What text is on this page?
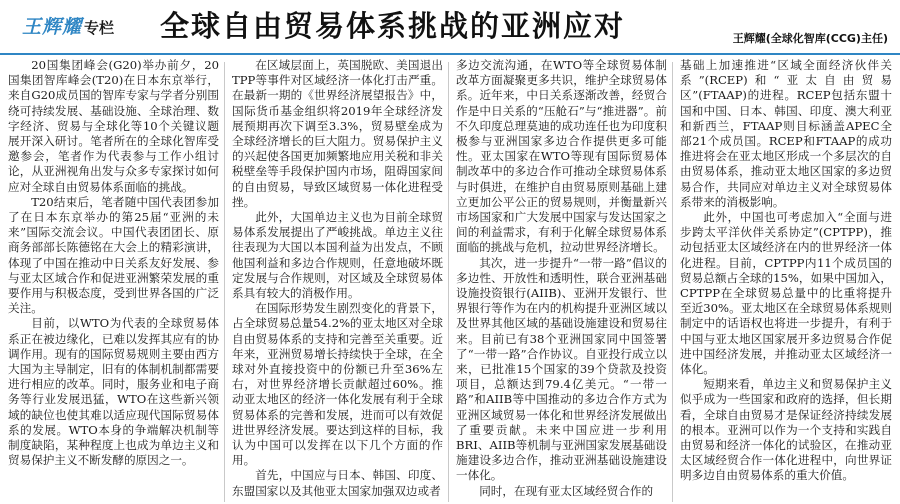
王辉耀 专栏 全球自由贸易体系挑战的亚洲应对	王辉耀(全球化智库(CCG)主任)

20国集团峰会(G20)举办前夕，20国集团智库峰会(T20)在日本东京举行，来自G20成员国的智库专家与学者分别围绕可持续发展、基础设施、全球治理、数字经济、贸易与全球化等10个关键议题展开深入研讨。笔者所在的全球化智库受邀参会，笔者作为代表参与工作小组讨论，从亚洲视角出发与众多专家探讨如何应对全球自由贸易体系面临的挑战。

T20结束后，笔者随中国代表团参加了在日本东京举办的第25届“亚洲的未来”国际交流会议。中国代表团团长、原商务部部长陈德铭在大会上的精彩演讲，体现了中国在推动中日关系友好发展、参与亚太区域合作和促进亚洲繁荣发展的重要作用与积极态度，受到世界各国的广泛关注。

目前，以WTO为代表的全球贸易体系正在被边缘化，已难以发挥其应有的协调作用。现有的国际贸易规则主要由西方大国为主导制定，旧有的体制机制都需要进行相应的改革。同时，服务业和电子商务等行业发展迅猛，WTO在这些新兴领域的缺位也使其难以适应现代国际贸易体系的发展。WTO本身的争端解决机制等制度缺陷，某种程度上也成为单边主义和贸易保护主义不断发酵的原因之一。

在区域层面上，英国脱欧、美国退出TPP等事件对区域经济一体化打击严重。在最新一期的《世界经济展望报告》中，国际货币基金组织将2019年全球经济发展预期再次下调至3.3%，贸易壁垒成为全球经济增长的巨大阻力。贸易保护主义的兴起使各国更加频繁地应用关税和非关税壁垒等手段保护国内市场，阻碍国家间的自由贸易，导致区域贸易一体化进程受挫。

此外，大国单边主义也为目前全球贸易体系发展提出了严峻挑战。单边主义往往表现为大国以本国利益为出发点，不顾他国利益和多边合作规则，任意地破坏既定发展与合作规则，对区域及全球贸易体系具有较大的消极作用。

在国际形势发生剧烈变化的背景下，占全球贸易总量54.2%的亚太地区对全球自由贸易体系的支持和完善至关重要。近年来，亚洲贸易增长持续快于全球，在全球对外直接投资中的份额已升至36%左右，对世界经济增长贡献超过60%。推动亚太地区的经济一体化发展有利于全球贸易体系的完善和发展，进而可以有效促进世界经济发展。要达到这样的目标，我认为中国可以发挥在以下几个方面的作用。

首先，中国应与日本、韩国、印度、东盟国家以及其他亚太国家加强双边或者

多边交流沟通，在WTO等全球贸易体制改革方面凝聚更多共识，维护全球贸易体系。近年来，中日关系逐渐改善，经贸合作是中日关系的“压舱石”与“推进器”。前不久印度总理莫迪的成功连任也为印度积极参与亚洲国家多边合作提供更多可能性。亚太国家在WTO等现有国际贸易体制改革中的多边合作可推动全球贸易体系与时俱进，在维护自由贸易原则基础上建立更加公平公正的贸易规则，并衡量新兴市场国家和广大发展中国家与发达国家之间的利益需求，有利于化解全球贸易体系面临的挑战与危机，拉动世界经济增长。

其次，进一步提升“一带一路”倡议的多边性、开放性和透明性，联合亚洲基础设施投资银行(AIIB)、亚洲开发银行、世界银行等作为在内的机构提升亚洲区域以及世界其他区域的基础设施建设和贸易往来。目前已有38个亚洲国家同中国签署了“一带一路”合作协议。自亚投行成立以来，已批准15个国家的39个贷款及投资项目，总额达到79.4亿美元。“一带一路”和AIIB等中国推动的多边合作方式为亚洲区域贸易一体化和世界经济发展做出了重要贡献。未来中国应进一步利用BRI、AIIB等机制与亚洲国家发展基础设施建设多边合作，推动亚洲基础设施建设一体化。

同时，在现有亚太区域经贸合作的

基础上加速推进“区域全面经济伙伴关系”(RCEP)和“亚太自由贸易区”(FTAAP)的进程。RCEP包括东盟十国和中国、日本、韩国、印度、澳大利亚和新西兰，FTAAP则目标涵盖APEC全部21个成员国。RCEP和FTAAP的成功推进将会在亚太地区形成一个多层次的自由贸易体系，推动亚太地区国家的多边贸易合作，共同应对单边主义对全球贸易体系带来的消极影响。

此外，中国也可考虑加入“全面与进步跨太平洋伙伴关系协定”(CPTPP)，推动包括亚太区域经济在内的世界经济一体化进程。目前，CPTPP内11个成员国的贸易总额占全球的15%，如果中国加入，CPTPP在全球贸易总量中的比重将提升至近30%。亚太地区在全球贸易体系规则制定中的话语权也将进一步提升，有利于中国与亚太地区国家展开多边贸易合作促进中国经济发展，并推动亚太区域经济一体化。

短期来看，单边主义和贸易保护主义似乎成为一些国家和政府的选择，但长期看，全球自由贸易才是保证经济持续发展的根本。亚洲可以作为一个支持和实践自由贸易和经济一体化的试验区，在推动亚太区域经贸合作一体化进程中，向世界证明多边自由贸易体系的重大价值。
